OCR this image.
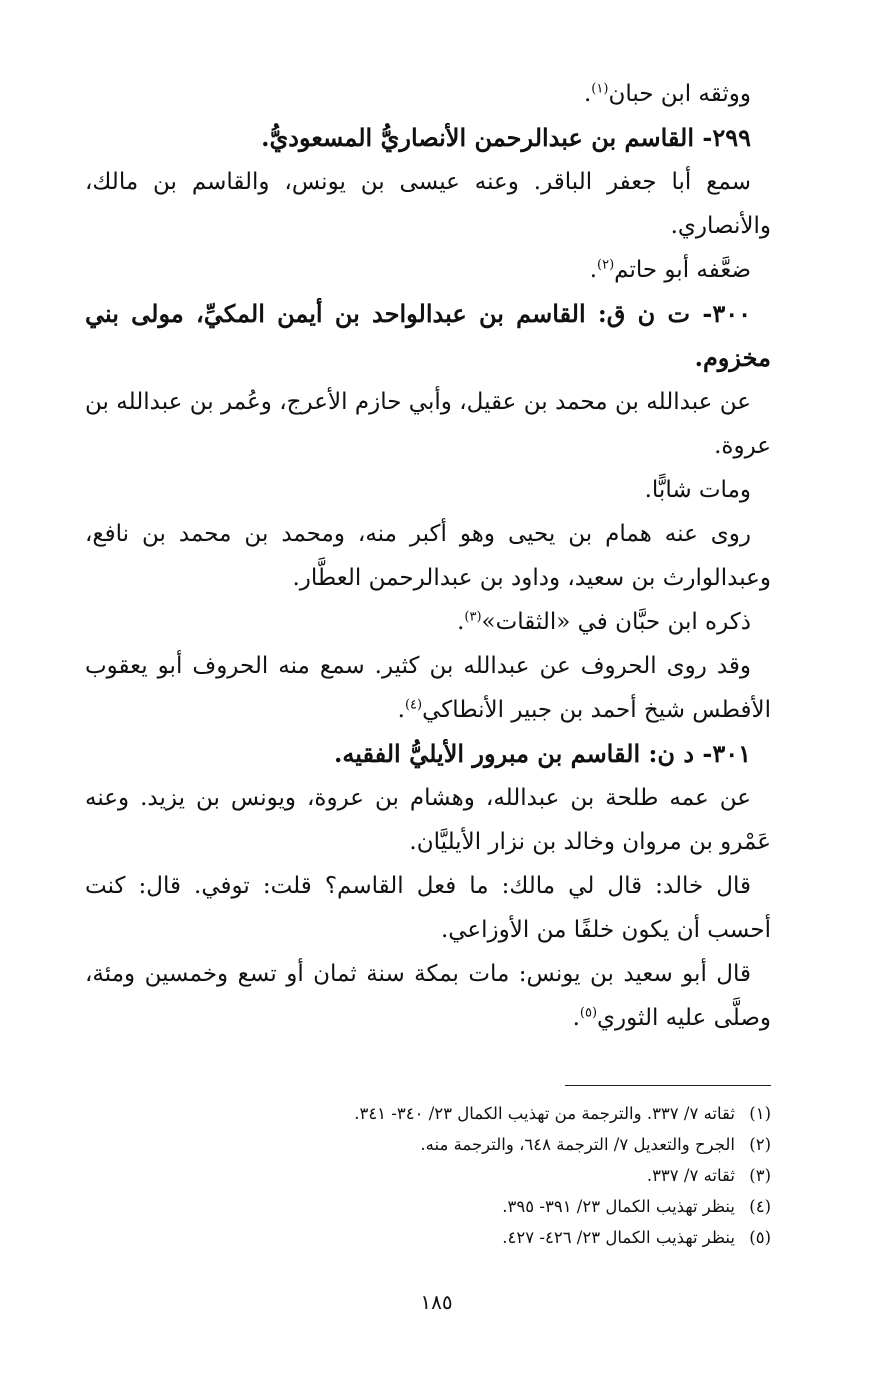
ووثقه ابن حبان$^{(١)}$.

٢٩٩- القاسم بن عبدالرحمن الأنصاريُّ المسعوديُّ.

سمع أبا جعفر الباقر. وعنه عيسى بن يونس، والقاسم بن مالك، والأنصاري.

ضعَّفه أبو حاتم$^{(٢)}$.

٣٠٠- ت ن ق: القاسم بن عبدالواحد بن أيمن المكيِّ، مولى بني مخزوم.

عن عبدالله بن محمد بن عقيل، وأبي حازم الأعرج، وعُمر بن عبدالله بن عروة.

ومات شابًّا.

روى عنه همام بن يحيى وهو أكبر منه، ومحمد بن محمد بن نافع، وعبدالوارث بن سعيد، وداود بن عبدالرحمن العطَّار.

ذكره ابن حبَّان في «الثقات»$^{(٣)}$.

وقد روى الحروف عن عبدالله بن كثير. سمع منه الحروف أبو يعقوب الأفطس شيخ أحمد بن جبير الأنطاكي$^{(٤)}$.

٣٠١- د ن: القاسم بن مبرور الأيليُّ الفقيه.

عن عمه طلحة بن عبدالله، وهشام بن عروة، ويونس بن يزيد. وعنه عَمْرو بن مروان وخالد بن نزار الأيليَّان.

قال خالد: قال لي مالك: ما فعل القاسم؟ قلت: توفي. قال: كنت أحسب أن يكون خلفًا من الأوزاعي.

قال أبو سعيد بن يونس: مات بمكة سنة ثمان أو تسع وخمسين ومئة، وصلَّى عليه الثوري$^{(٥)}$.

(١)
ثقاته ٧/ ٣٣٧. والترجمة من تهذيب الكمال ٢٣/ ٣٤٠- ٣٤١.
(٢)
الجرح والتعديل ٧/ الترجمة ٦٤٨، والترجمة منه.
(٣)
ثقاته ٧/ ٣٣٧.
(٤)
ينظر تهذيب الكمال ٢٣/ ٣٩١- ٣٩٥.
(٥)
ينظر تهذيب الكمال ٢٣/ ٤٢٦- ٤٢٧.
١٨٥
